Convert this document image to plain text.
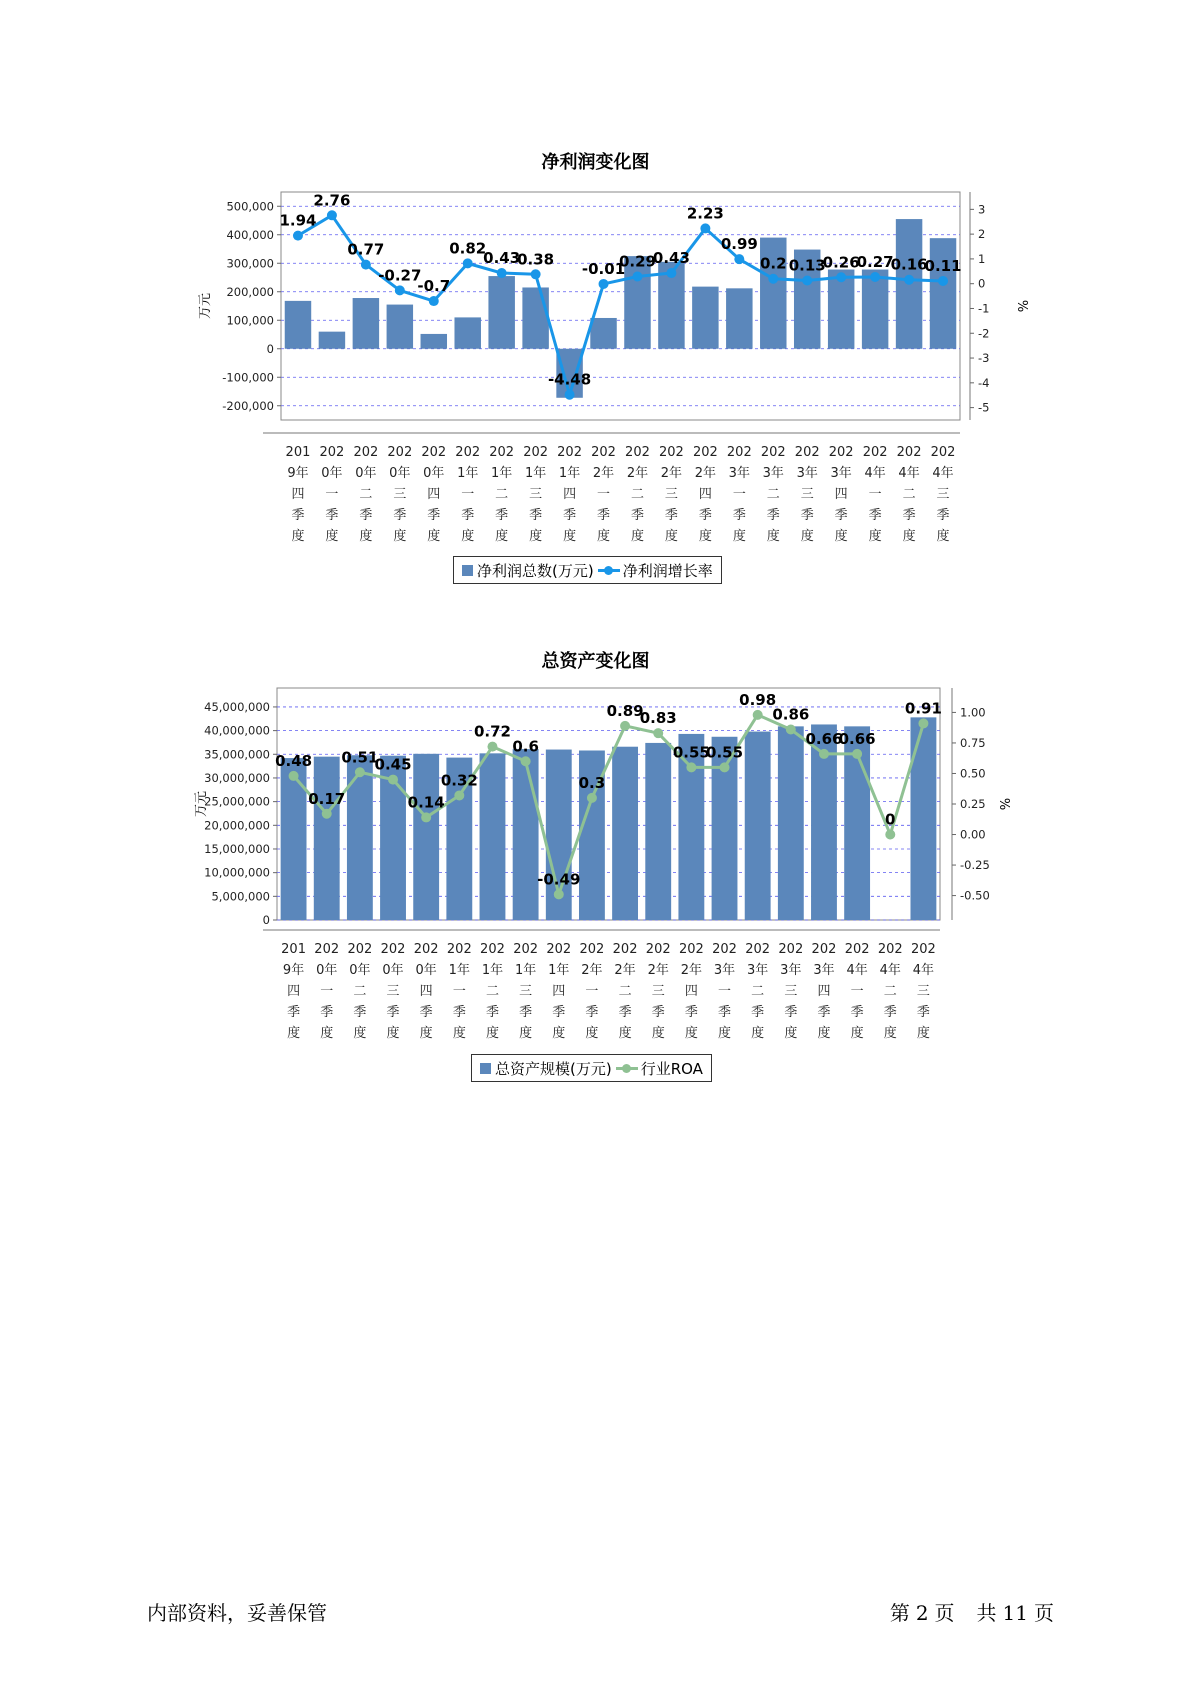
净利润变化图
-200,000
-100,000
0
100,000
200,000
300,000
400,000
500,000
-5
-4
-3
-2
-1
0
1
2
3
万元	%
1.94
2.76
0.77
-0.27
-0.7
0.82
0.43
0.38
-4.48
-0.01
0.29
0.43
2.23
0.99
0.2 0.13
0.26
0.27
0.16
0.11
201 9年四季度
202 0年一季度
202 0年二季度
202 0年三季度
202 0年四季度
202 1年一季度
202 1年二季度
202 1年三季度
202 1年四季度
202 2年一季度
202 2年二季度
202 2年三季度
202 2年四季度
202 3年一季度
202 3年二季度
202 3年三季度
202 3年四季度
202 4年一季度
202 4年二季度
202 4年三季度
净利润总数(万元) 净利润增长率
总资产变化图
0
5,000,000
10,000,000
15,000,000
20,000,000
25,000,000
30,000,000
35,000,000
40,000,000
45,000,000
-0.50
-0.25
0.00
0.25
0.50
0.75
1.00
万元	%
0.48
0.17
0.51
0.45
0.14
0.32
0.72
0.6
-0.49
0.3
0.89
0.83
0.55
0.55
0.98
0.86
0.66
0.66
0
0.91
201 9年四季度
202 0年一季度
202 0年二季度
202 0年三季度
202 0年四季度
202 1年一季度
202 1年二季度
202 1年三季度
202 1年四季度
202 2年一季度
202 2年二季度
202 2年三季度
202 2年四季度
202 3年一季度
202 3年二季度
202 3年三季度
202 3年四季度
202 4年一季度
202 4年二季度
202 4年三季度
总资产规模(万元) 行业ROA
内部资料，妥善保管	第 2 页 共 11 页
